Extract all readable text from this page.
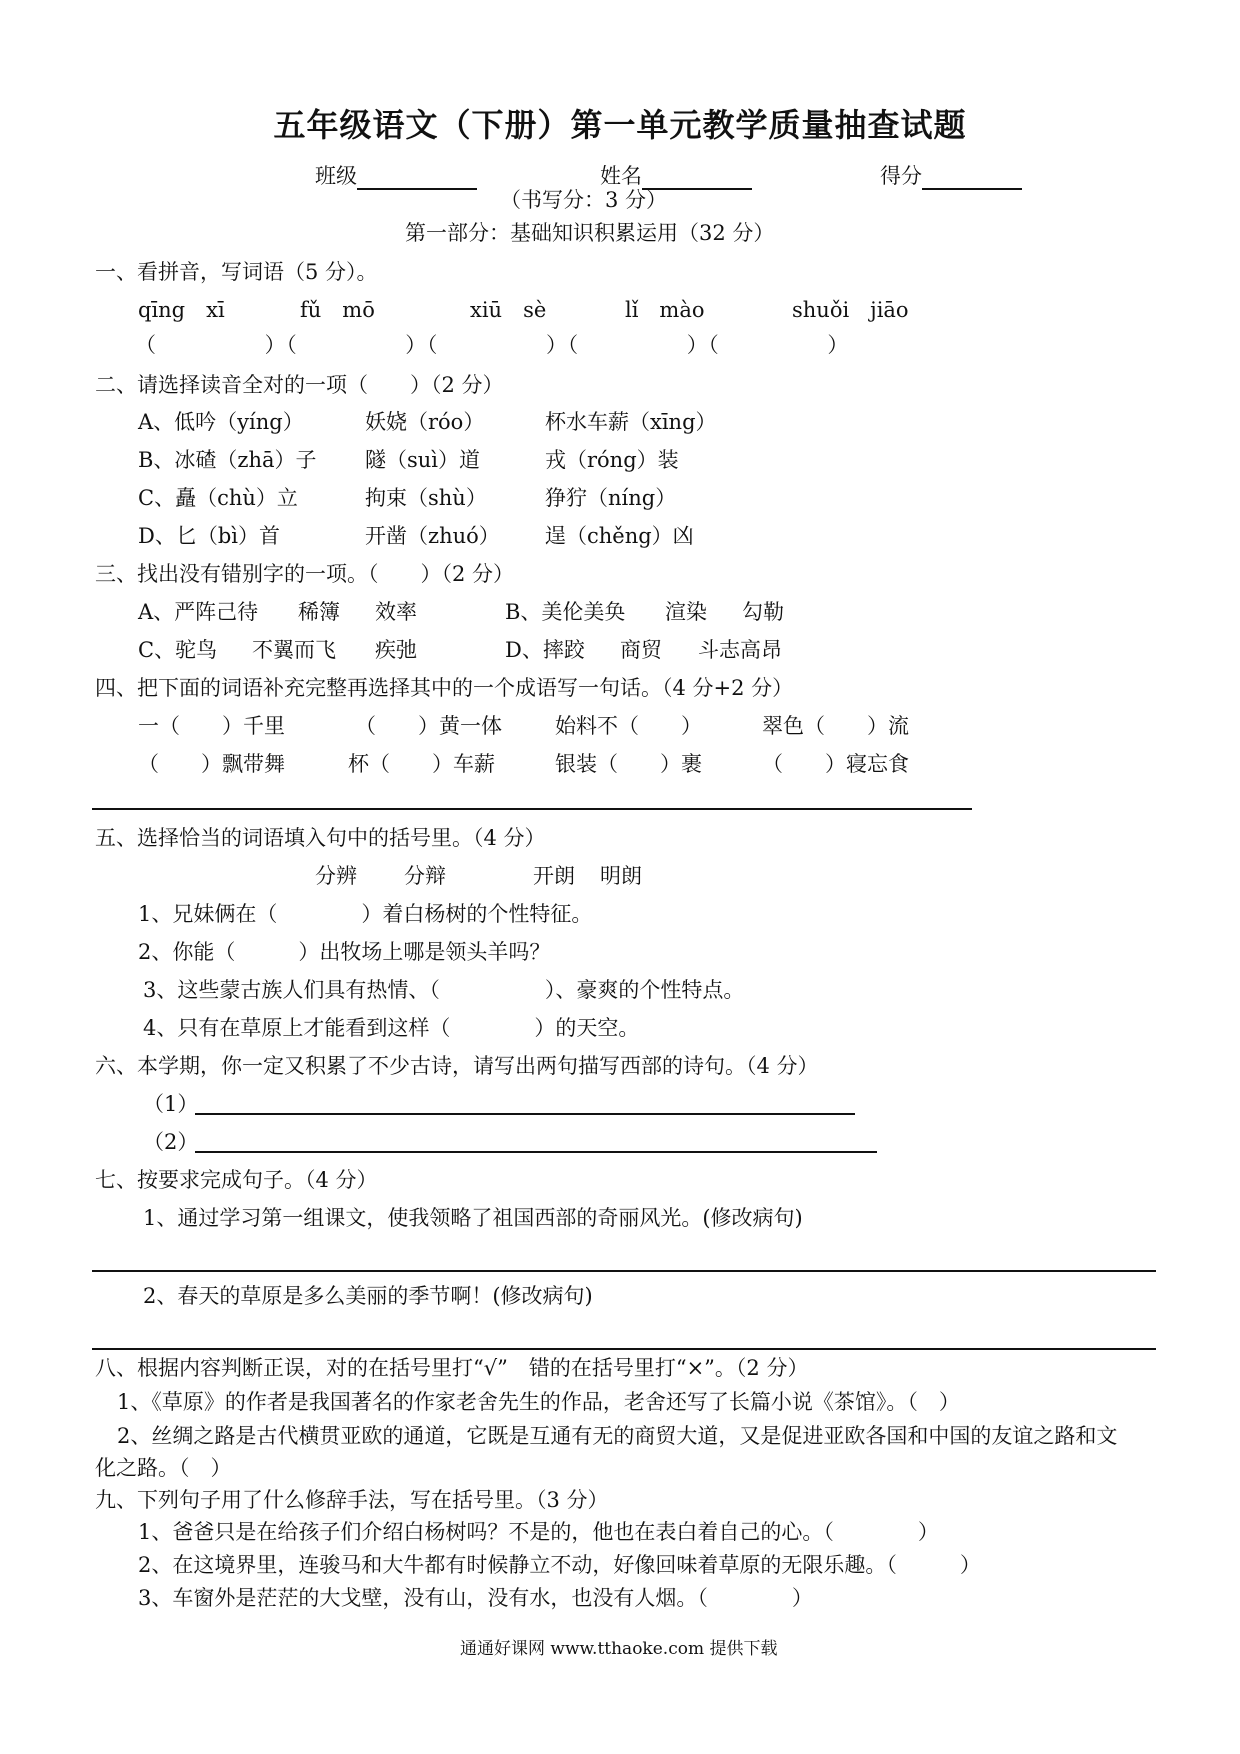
五年级语文（下册）第一单元教学质量抽查试题
班级	姓名	得分
（书写分：3 分）
第一部分：基础知识积累运用（32 分）
一、看拼音，写词语（5 分）。
qīng　xī	fǔ　mō	xiū　sè	lǐ　mào	shuǒi　jiāo
（　　　　　）（　　　　　）（　　　　　）（　　　　　）（　　　　　）
二、请选择读音全对的一项（　　）（2 分）
A、低吟（yíng）	妖娆（róo）	杯水车薪（xīng）
B、冰碴（zhā）子 隧（suì）道	戎（róng）装
C、矗（chù）立	拘束（shù）	狰狞（níng）
D、匕（bì）首	开凿（zhuó） 逞（chěng）凶
三、找出没有错别字的一项。（　　）（2 分）
A、严阵己待 稀簿 效率	B、美伦美奂 渲染 勾勒
C、驼鸟 不翼而飞 疾弛	D、摔跤 商贸 斗志高昂
四、把下面的词语补充完整再选择其中的一个成语写一句话。（4 分+2 分）
一（　　）千里	（　　）黄一体	始料不（　　）	翠色（　　）流
（　　）飘带舞	杯（　　）车薪	银装（　　）裹	（　　）寝忘食
五、选择恰当的词语填入句中的括号里。（4 分）
分辨 分辩	开朗 明朗
1、兄妹俩在（　　　　）着白杨树的个性特征。
2、你能（　　　）出牧场上哪是领头羊吗？
3、这些蒙古族人们具有热情、（　　　　　）、豪爽的个性特点。
4、只有在草原上才能看到这样（　　　　）的天空。
六、本学期，你一定又积累了不少古诗，请写出两句描写西部的诗句。（4 分）
（1）
（2）
七、按要求完成句子。（4 分）
1、通过学习第一组课文，使我领略了祖国西部的奇丽风光。(修改病句)
2、春天的草原是多么美丽的季节啊！(修改病句)
八、根据内容判断正误，对的在括号里打“√”　错的在括号里打“×”。（2 分）
1、《草原》的作者是我国著名的作家老舍先生的作品，老舍还写了长篇小说《茶馆》。（　）
2、丝绸之路是古代横贯亚欧的通道，它既是互通有无的商贸大道，又是促进亚欧各国和中国的友谊之路和文
化之路。（　）
九、下列句子用了什么修辞手法，写在括号里。（3 分）
1、爸爸只是在给孩子们介绍白杨树吗？不是的，他也在表白着自己的心。（　　　　）
2、在这境界里，连骏马和大牛都有时候静立不动，好像回味着草原的无限乐趣。（　　　）
3、车窗外是茫茫的大戈壁，没有山，没有水，也没有人烟。（　　　　）
通通好课网 www.tthaoke.com 提供下载
